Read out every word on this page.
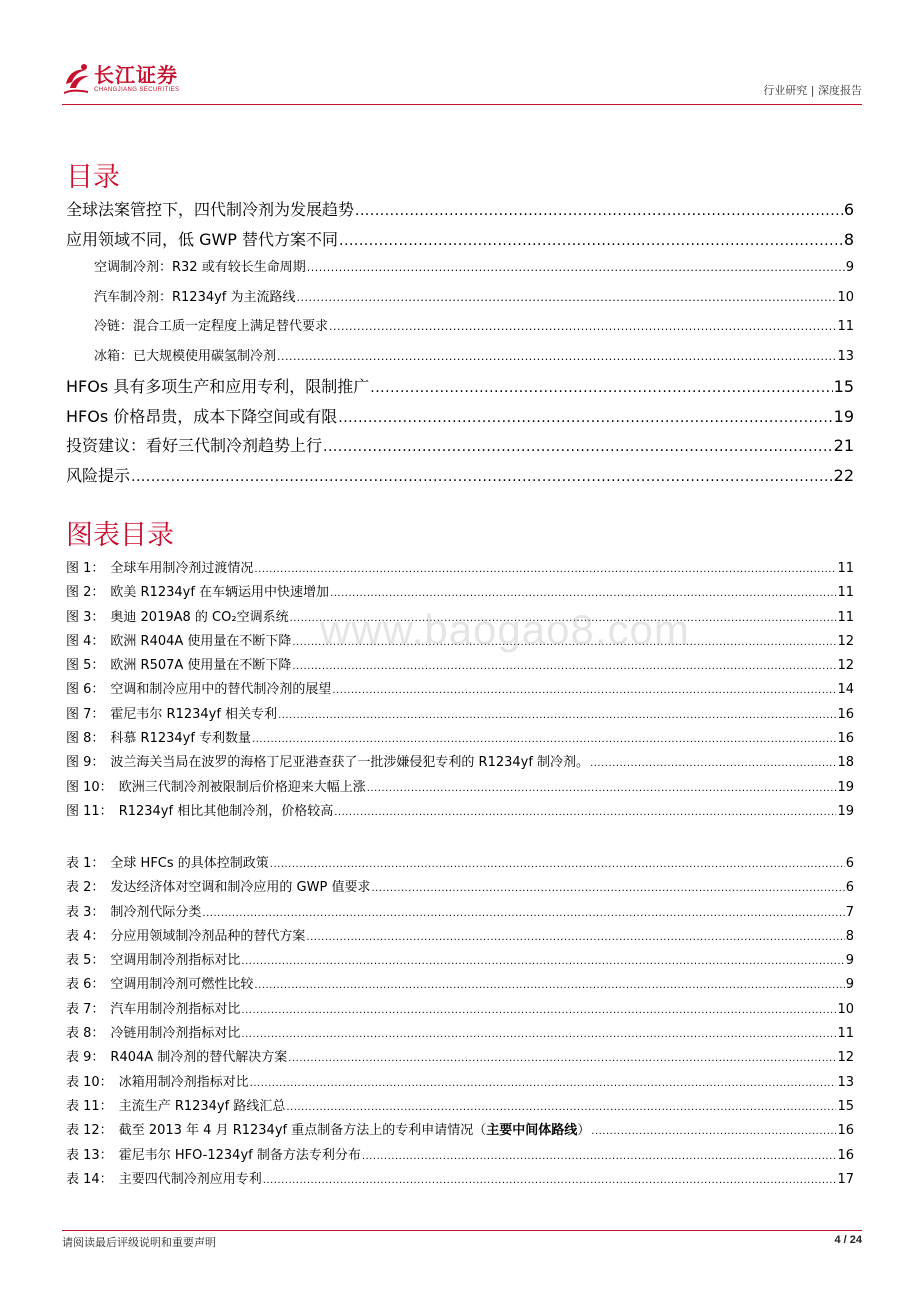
长江证券
CHANGJIANG SECURITIES	行业研究 | 深度报告
目录
全球法案管控下，四代制冷剂为发展趋势 .....	6
应用领域不同，低 GWP 替代方案不同 .....	8
空调制冷剂：R32 或有较长生命周期 .....	9
汽车制冷剂：R1234yf 为主流路线 .....	10
冷链：混合工质一定程度上满足替代要求 .....	11
冰箱：已大规模使用碳氢制冷剂 .....	13
HFOs 具有多项生产和应用专利，限制推广 .....	15
HFOs 价格昂贵，成本下降空间或有限 .....	19
投资建议：看好三代制冷剂趋势上行 .....	21
风险提示 .....	22
图表目录
图 1： 全球车用制冷剂过渡情况 .....	11
图 2： 欧美 R1234yf 在车辆运用中快速增加 .....	11
图 3： 奥迪 2019A8 的 CO₂空调系统 .....	11
图 4： 欧洲 R404A 使用量在不断下降 .....	12
图 5： 欧洲 R507A 使用量在不断下降 .....	12
图 6： 空调和制冷应用中的替代制冷剂的展望 .....	14
图 7： 霍尼韦尔 R1234yf 相关专利 .....	16
图 8： 科慕 R1234yf 专利数量 .....	16
图 9： 波兰海关当局在波罗的海格丁尼亚港查获了一批涉嫌侵犯专利的 R1234yf 制冷剂。 .....	18
图 10： 欧洲三代制冷剂被限制后价格迎来大幅上涨 .....	19
图 11： R1234yf 相比其他制冷剂，价格较高 .....	19
表 1： 全球 HFCs 的具体控制政策 .....	6
表 2： 发达经济体对空调和制冷应用的 GWP 值要求 .....	6
表 3： 制冷剂代际分类 .....	7
表 4： 分应用领域制冷剂品种的替代方案 .....	8
表 5： 空调用制冷剂指标对比 .....	9
表 6： 空调用制冷剂可燃性比较 .....	9
表 7： 汽车用制冷剂指标对比 .....	10
表 8： 冷链用制冷剂指标对比 .....	11
表 9： R404A 制冷剂的替代解决方案 .....	12
表 10： 冰箱用制冷剂指标对比 .....	13
表 11： 主流生产 R1234yf 路线汇总 .....	15
表 12： 截至 2013 年 4 月 R1234yf 重点制备方法上的专利申请情况（主要中间体路线） .....	16
表 13： 霍尼韦尔 HFO-1234yf 制备方法专利分布 .....	16
表 14： 主要四代制冷剂应用专利 .....	17
www.baogao8.com
请阅读最后评级说明和重要声明	4 / 24
